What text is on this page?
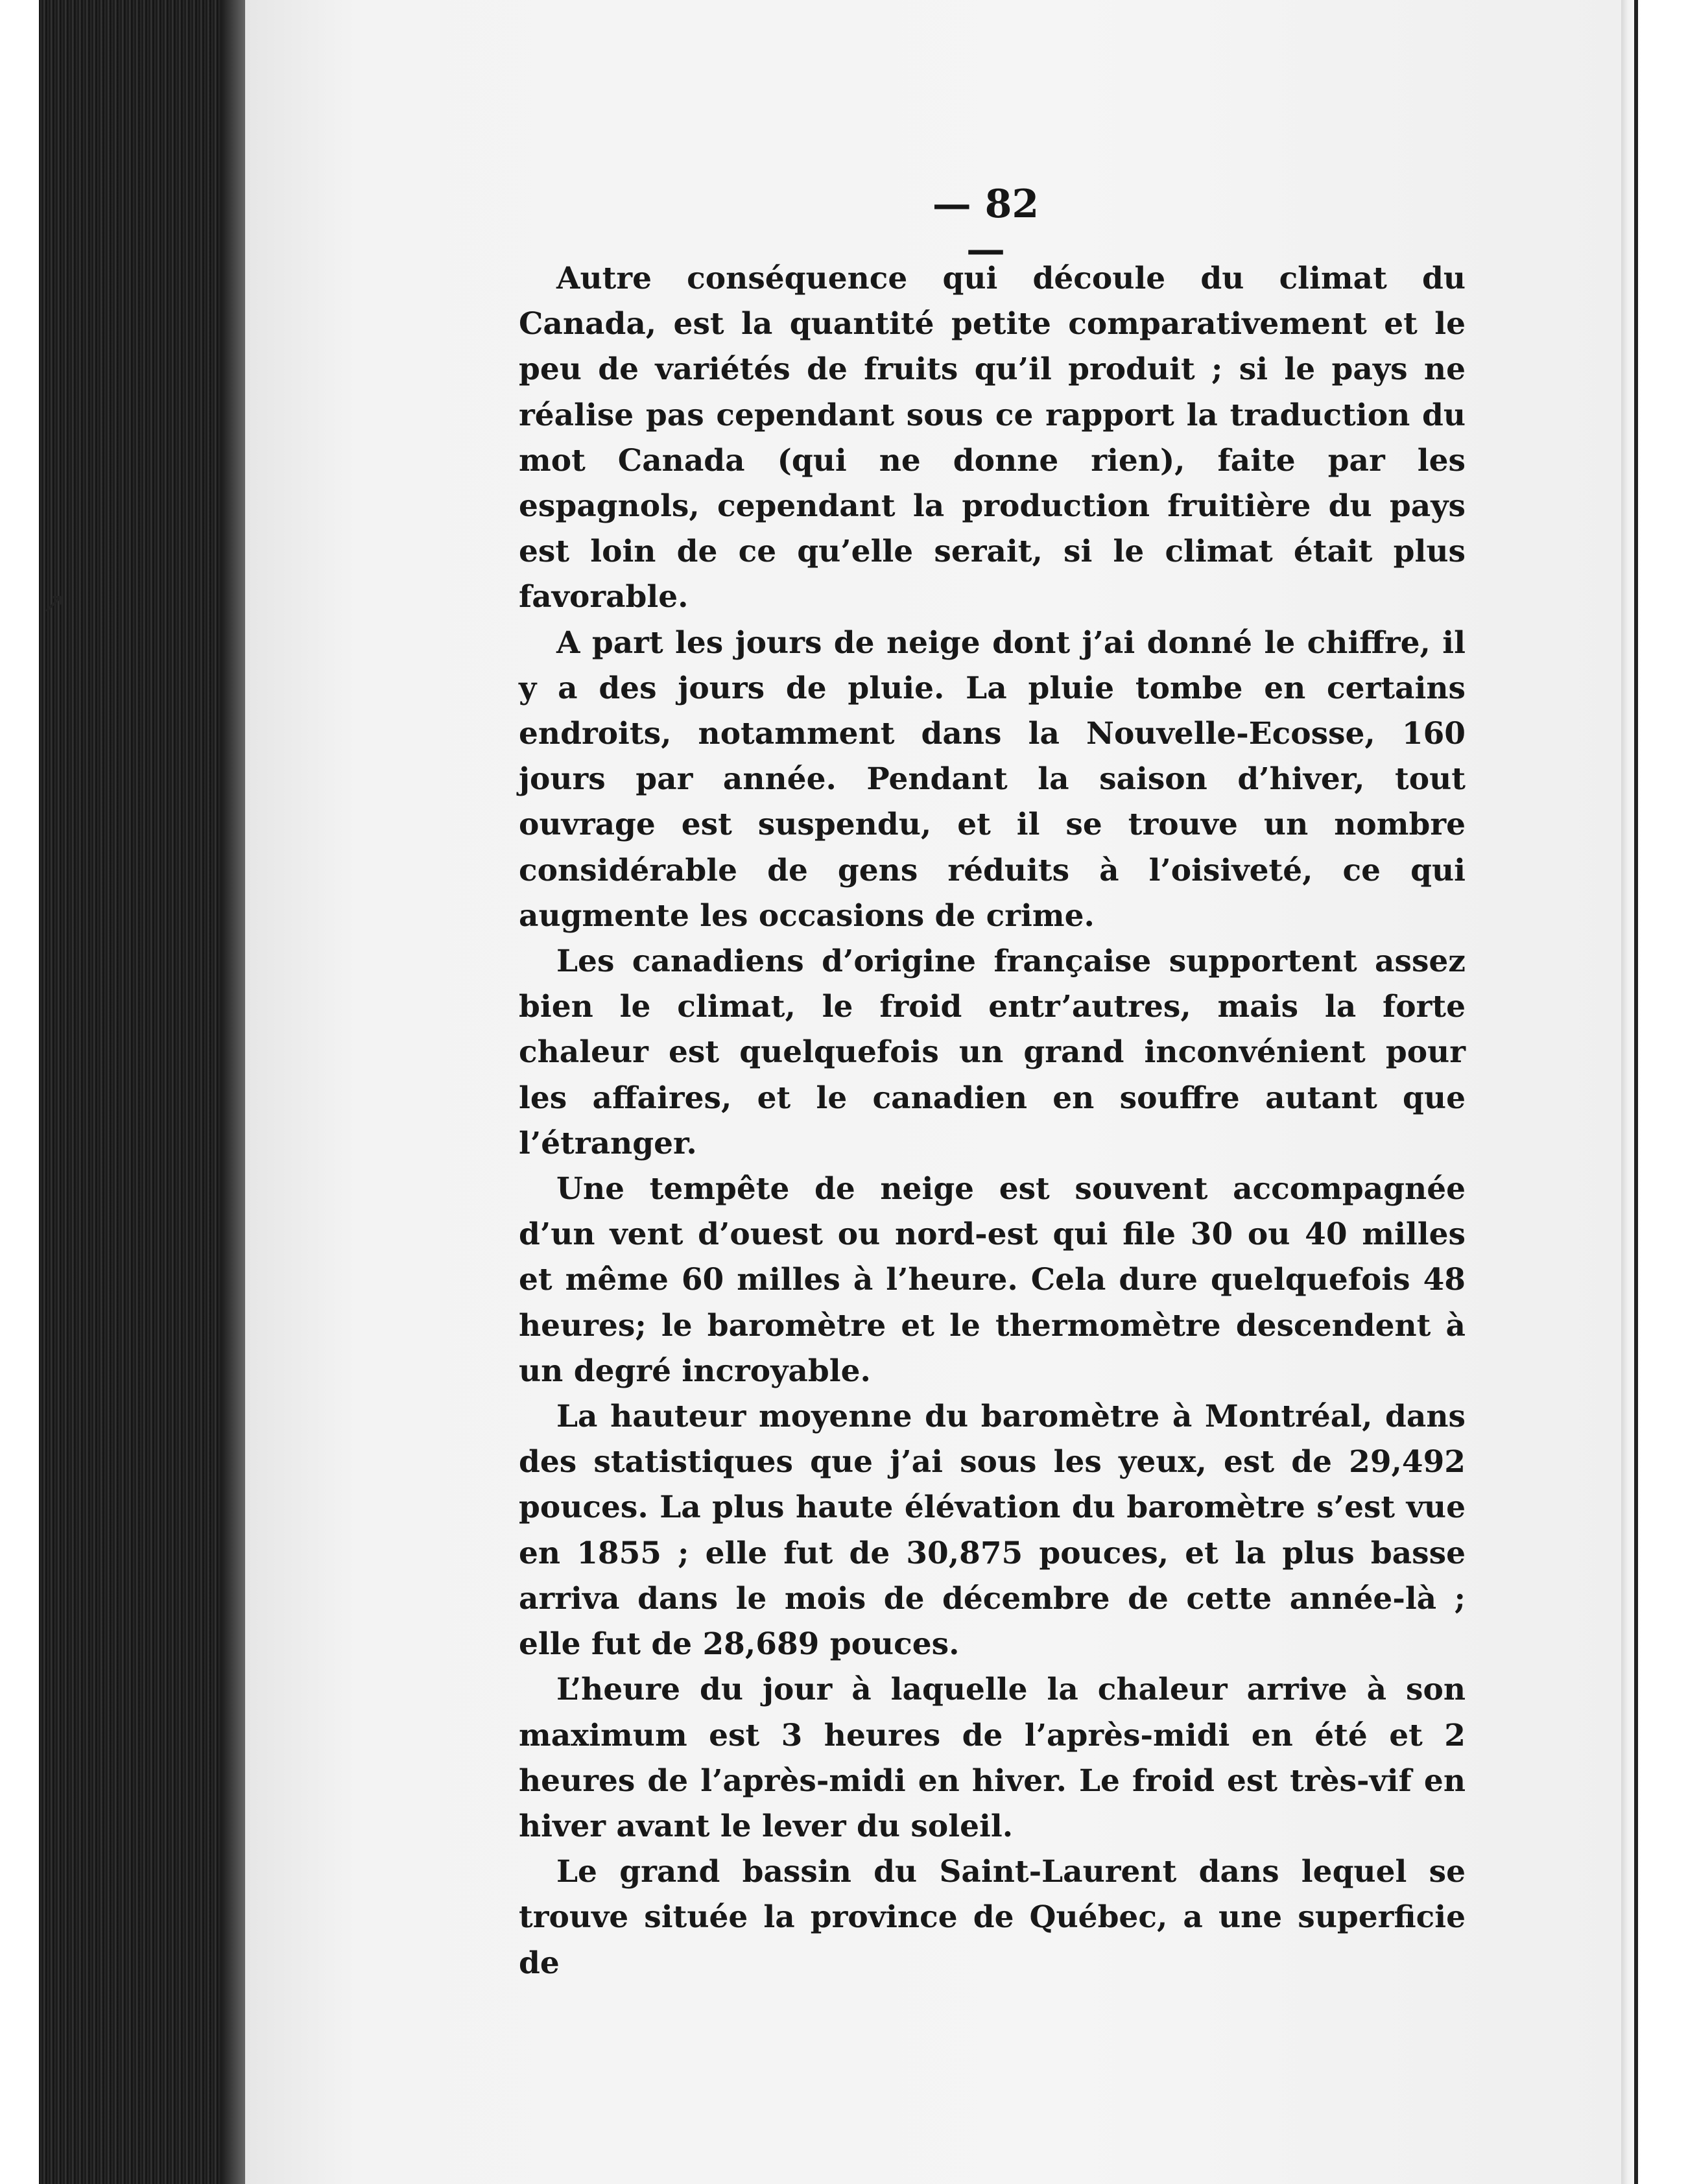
↗
— 82 —

Autre conséquence qui découle du climat du Canada, est la quantité petite comparativement et le peu de variétés de fruits qu’il produit ; si le pays ne réalise pas cependant sous ce rapport la traduction du mot Canada (qui ne donne rien), faite par les espagnols, cependant la production fruitière du pays est loin de ce qu’elle serait, si le climat était plus favorable.

A part les jours de neige dont j’ai donné le chiffre, il y a des jours de pluie. La pluie tombe en certains endroits, notamment dans la Nouvelle-Ecosse, 160 jours par année. Pendant la saison d’hiver, tout ouvrage est suspendu, et il se trouve un nombre considérable de gens réduits à l’oisiveté, ce qui augmente les occasions de crime.

Les canadiens d’origine française supportent assez bien le climat, le froid entr’autres, mais la forte chaleur est quelquefois un grand inconvénient pour les affaires, et le canadien en souffre autant que l’étranger.

Une tempête de neige est souvent accompagnée d’un vent d’ouest ou nord-est qui file 30 ou 40 milles et même 60 milles à l’heure. Cela dure quelquefois 48 heures; le baromètre et le thermomètre descendent à un degré incroyable.

La hauteur moyenne du baromètre à Montréal, dans des statistiques que j’ai sous les yeux, est de 29,492 pouces. La plus haute élévation du baromètre s’est vue en 1855 ; elle fut de 30,875 pouces, et la plus basse arriva dans le mois de décembre de cette année-là ; elle fut de 28,689 pouces.

L’heure du jour à laquelle la chaleur arrive à son maximum est 3 heures de l’après-midi en été et 2 heures de l’après-midi en hiver. Le froid est très-vif en hiver avant le lever du soleil.

Le grand bassin du Saint-Laurent dans lequel se trouve située la province de Québec, a une superficie de
